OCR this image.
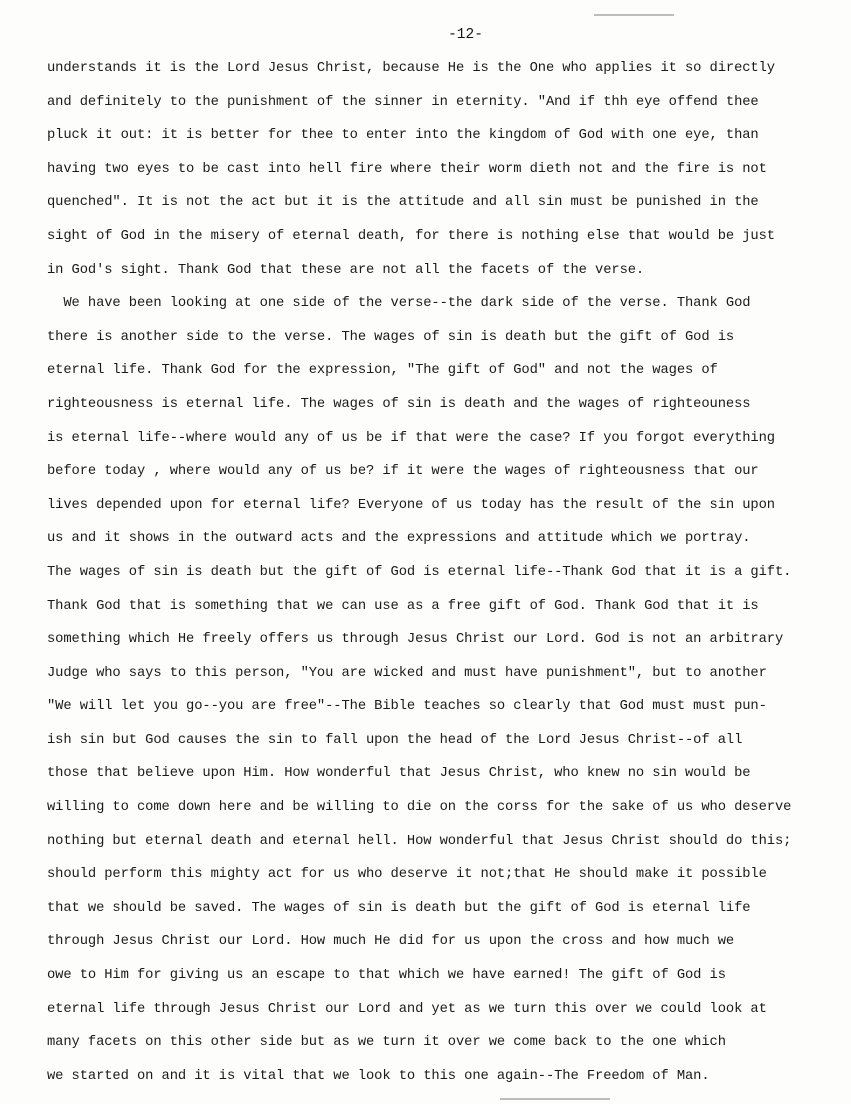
-12-
understands it is the Lord Jesus Christ, because He is the One who applies it so directly
and definitely to the punishment of the sinner in eternity. "And if thh eye offend thee
pluck it out: it is better for thee to enter into the kingdom of God with one eye, than
having two eyes to be cast into hell fire where their worm dieth not and the fire is not
quenched". It is not the act but it is the attitude and all sin must be punished in the
sight of God in the misery of eternal death, for there is nothing else that would be just
in God's sight. Thank God that these are not all the facets of the verse.
We have been looking at one side of the verse--the dark side of the verse. Thank God
there is another side to the verse. The wages of sin is death but the gift of God is
eternal life. Thank God for the expression, "The gift of God" and not the wages of
righteousness is eternal life. The wages of sin is death and the wages of righteouness
is eternal life--where would any of us be if that were the case? If you forgot everything
before today , where would any of us be? if it were the wages of righteousness that our
lives depended upon for eternal life? Everyone of us today has the result of the sin upon
us and it shows in the outward acts and the expressions and attitude which we portray.
The wages of sin is death but the gift of God is eternal life--Thank God that it is a gift.
Thank God that is something that we can use as a free gift of God. Thank God that it is
something which He freely offers us through Jesus Christ our Lord. God is not an arbitrary
Judge who says to this person, "You are wicked and must have punishment", but to another
"We will let you go--you are free"--The Bible teaches so clearly that God must must pun-
ish sin but God causes the sin to fall upon the head of the Lord Jesus Christ--of all
those that believe upon Him. How wonderful that Jesus Christ, who knew no sin would be
willing to come down here and be willing to die on the corss for the sake of us who deserve
nothing but eternal death and eternal hell. How wonderful that Jesus Christ should do this;
should perform this mighty act for us who deserve it not;that He should make it possible
that we should be saved. The wages of sin is death but the gift of God is eternal life
through Jesus Christ our Lord. How much He did for us upon the cross and how much we
owe to Him for giving us an escape to that which we have earned! The gift of God is
eternal life through Jesus Christ our Lord and yet as we turn this over we could look at
many facets on this other side but as we turn it over we come back to the one which
we started on and it is vital that we look to this one again--The Freedom of Man.
